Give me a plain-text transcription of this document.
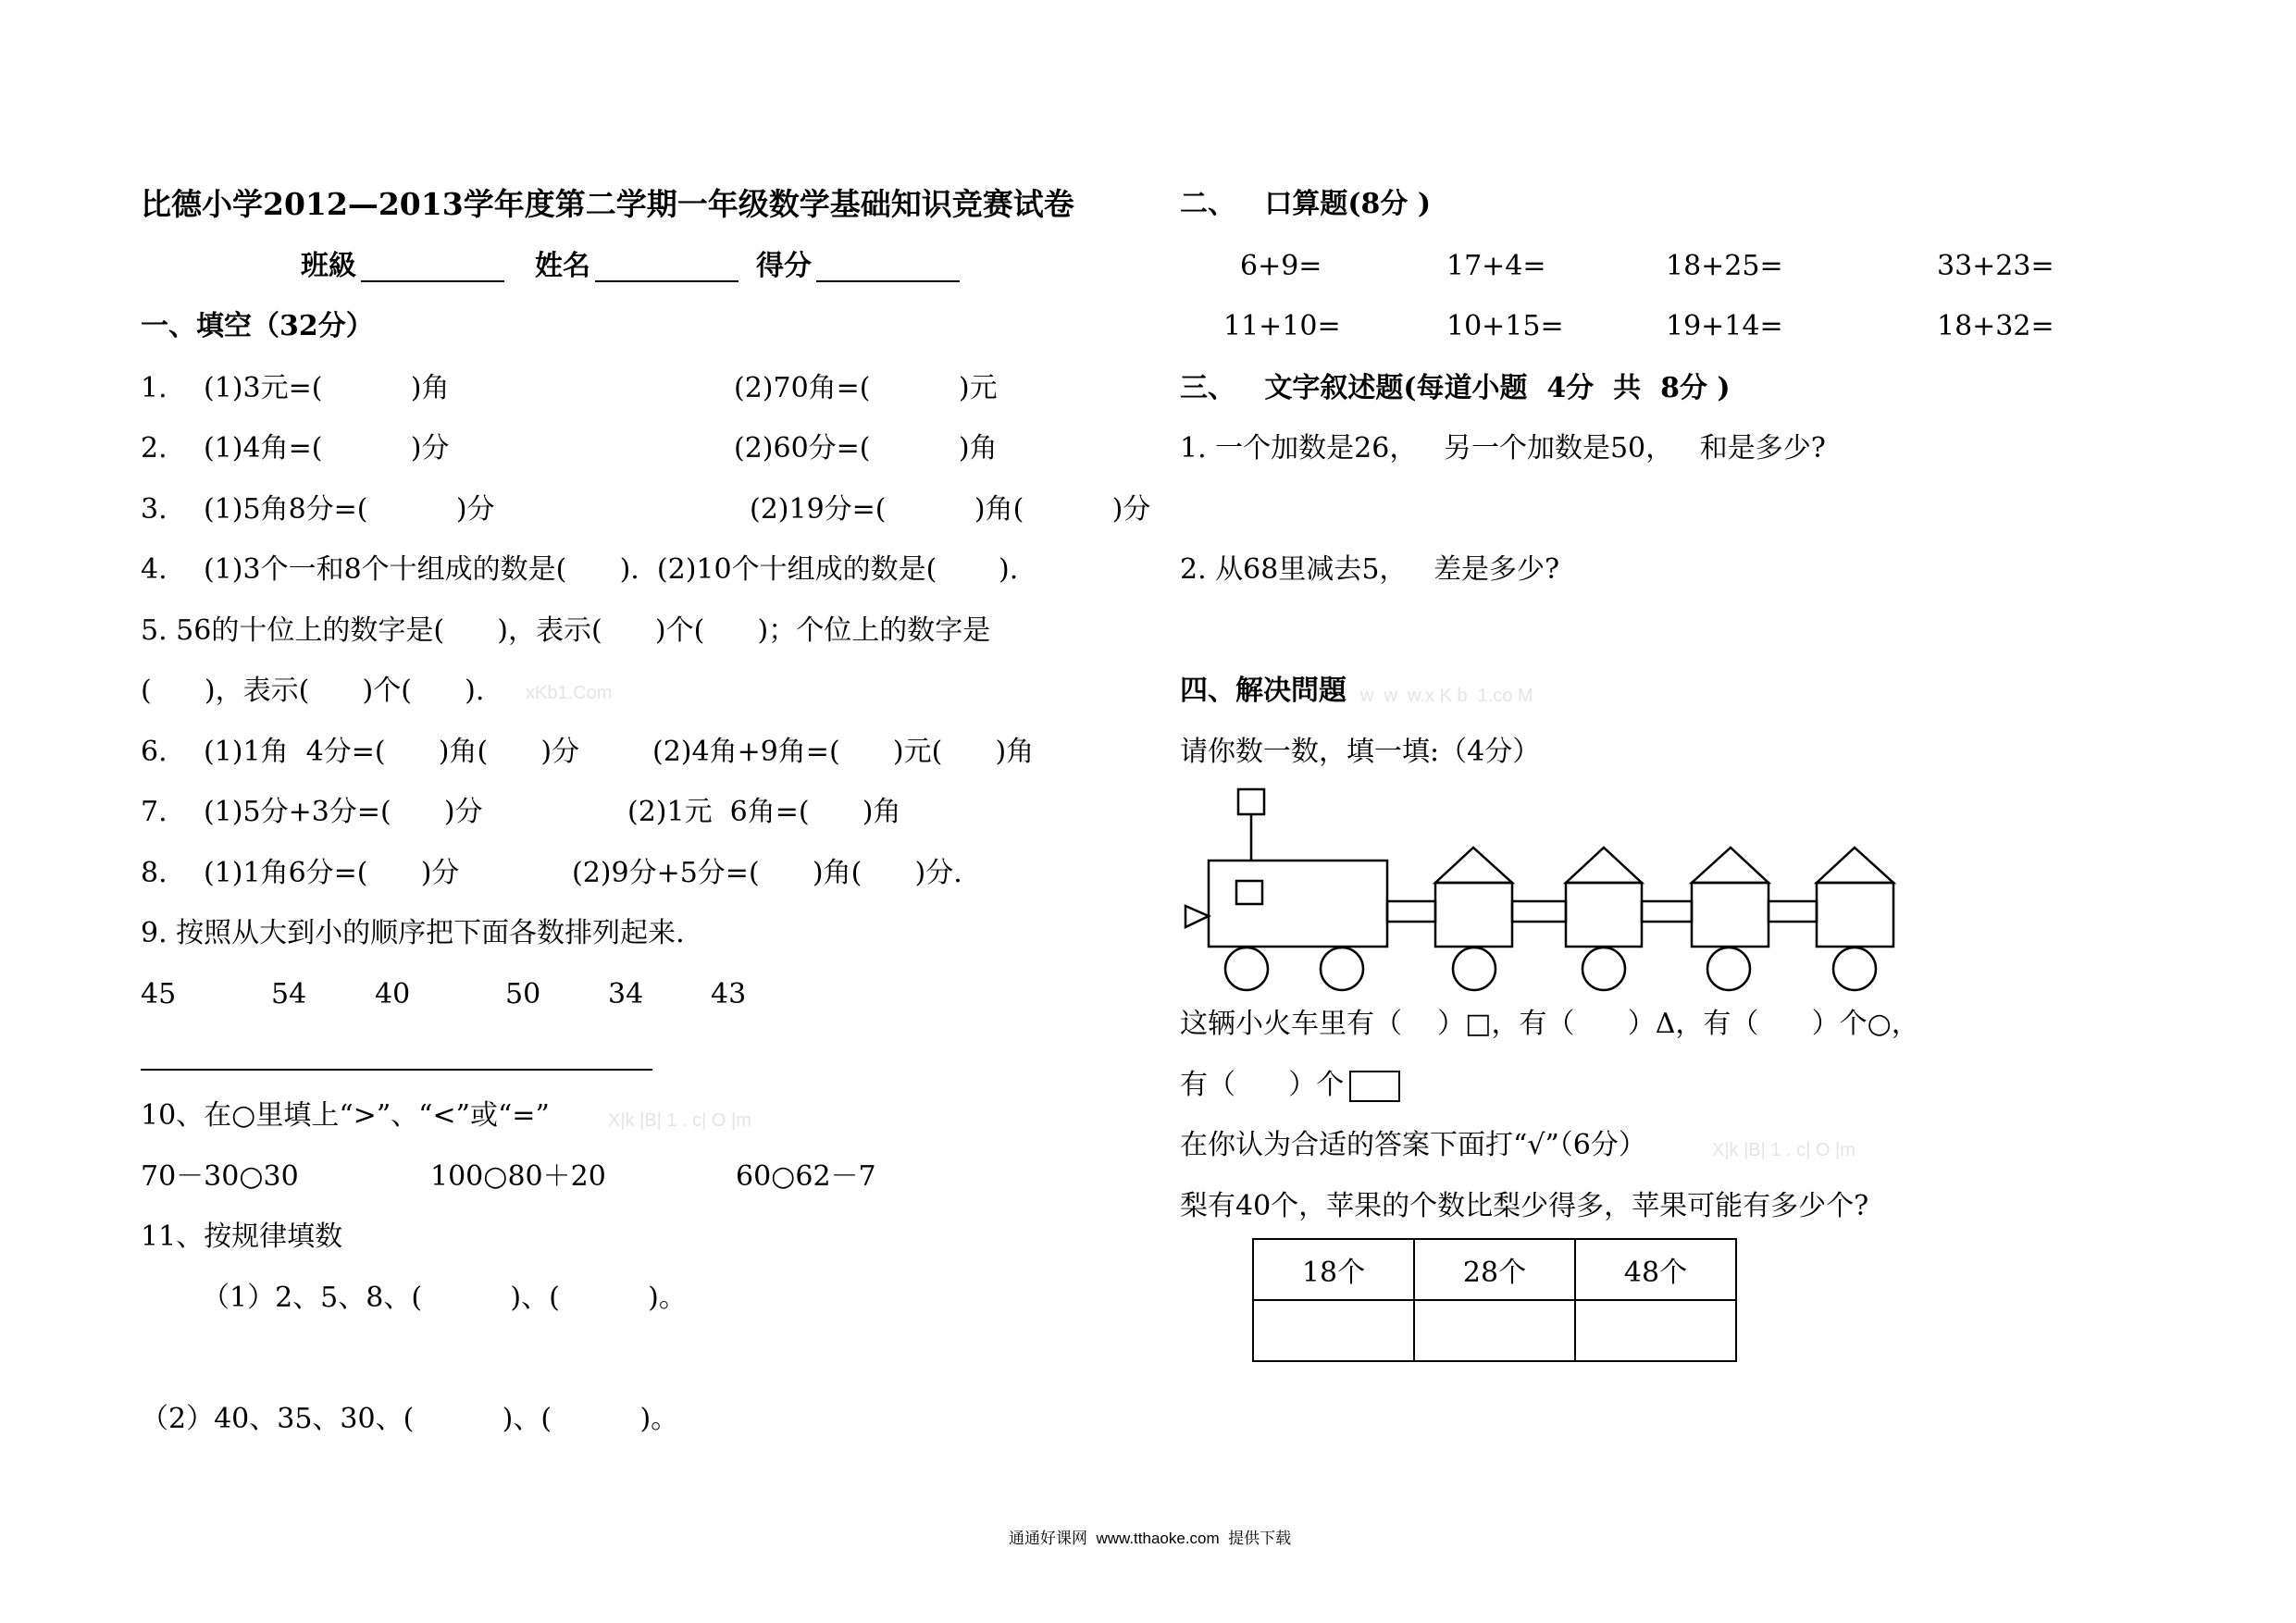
比德小学2012—2013学年度第二学期一年级数学基础知识竞赛试卷
班級	姓名	得分
一、填空（32分）
1. (1)3元=(          )角	(2)70角=(          )元
2. (1)4角=(          )分	(2)60分=(          )角
3. (1)5角8分=(          )分	(2)19分=(          )角(          )分
4. (1)3个一和8个十组成的数是(      ).  (2)10个十组成的数是(       ).
5. 56的十位上的数字是(      )，表示(      )个(      )；个位上的数字是
(      )，表示(      )个(      ). xKb1.Com
6. (1)1角  4分=(      )角(      )分	(2)4角+9角=(      )元(      )角
7. (1)5分+3分=(      )分	(2)1元  6角=(      )角
8. (1)1角6分=(      )分	(2)9分+5分=(      )角(      )分.
9. 按照从大到小的顺序把下面各数排列起来.
45	54 40	50 34 43
10、在○里填上“>”、“<”或“=”	X|k |B| 1 . c| O |m
70－30○30	100○80＋20	60○62－7
11、按规律填数
（1）2、5、8、(          )、(          )。
（2）40、35、30、(          )、(          )。
二、   口算题(8分 )
6+9=	17+4=	18+25=	33+23=
11+10=	10+15=	19+14=	18+32=
三、   文字叙述题(每道小题  4分  共  8分 )
1. 一个加数是26，   另一个加数是50，   和是多少?
2. 从68里减去5，   差是多少?
四、解决問題 w  w  w.x K b  1.co M
请你数一数，填一填:（4分）
这辆小火车里有（    ）□，有（      ）Δ，有（      ）个○，
有（      ）个
在你认为合适的答案下面打“√”（6分）	X|k |B| 1 . c| O |m
梨有40个，苹果的个数比梨少得多，苹果可能有多少个?
18个	28个	48个

通通好课网  www.tthaoke.com  提供下载
